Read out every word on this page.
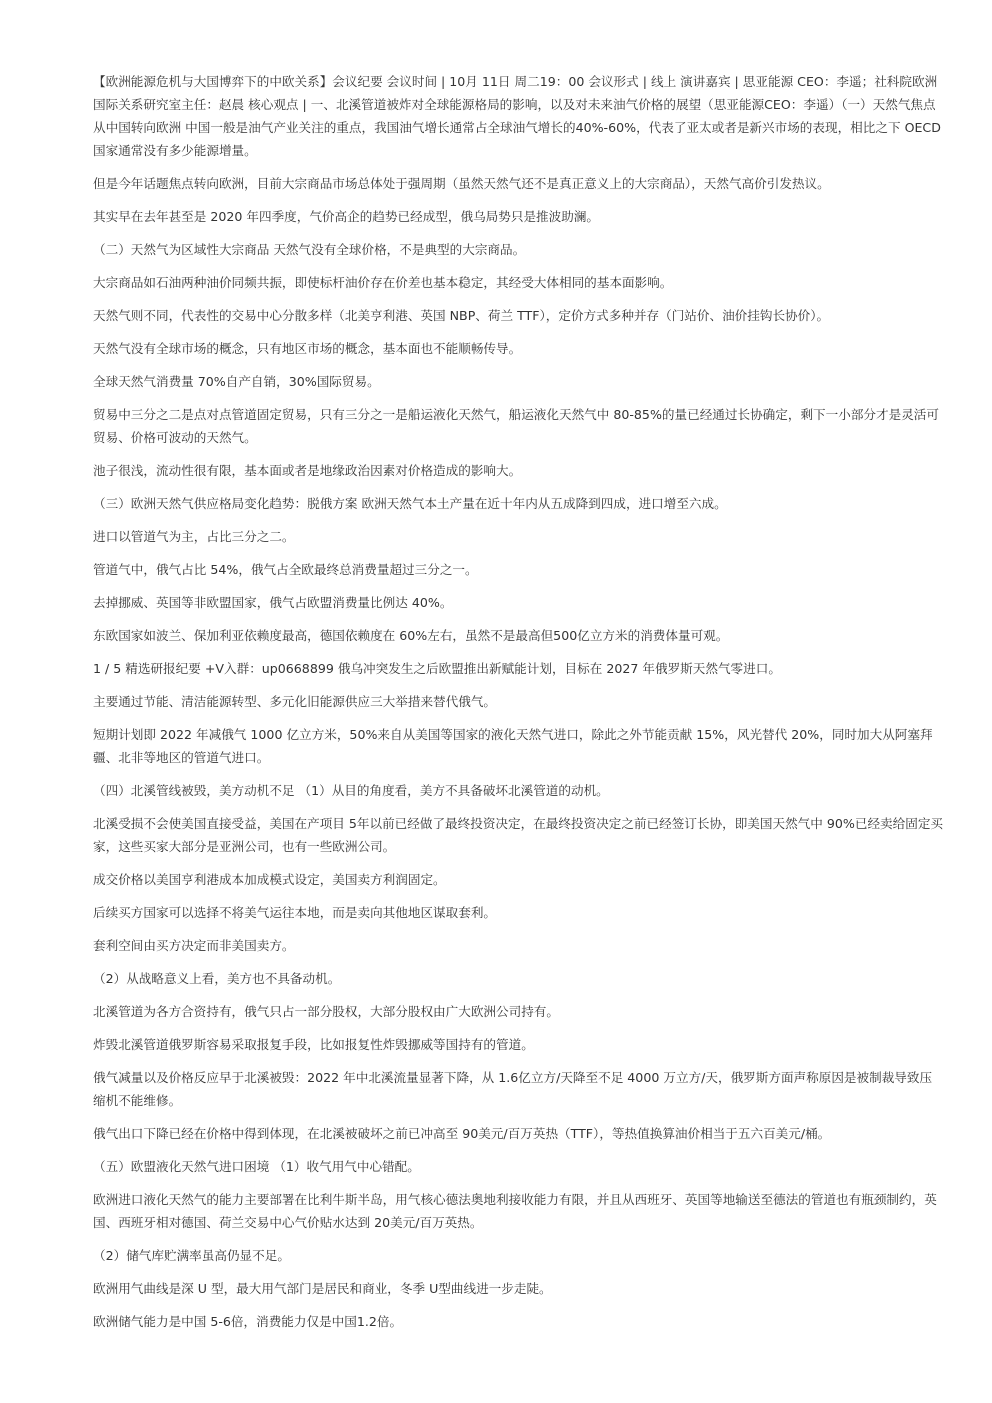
【欧洲能源危机与大国博弈下的中欧关系】会议纪要 会议时间 | 10月 11日 周二19：00 会议形式 | 线上 演讲嘉宾 | 思亚能源 CEO：李遥；社科院欧洲国际关系研究室主任：赵晨 核心观点 | 一、北溪管道被炸对全球能源格局的影响，以及对未来油气价格的展望（思亚能源CEO：李遥）（一）天然气焦点从中国转向欧洲 中国一般是油气产业关注的重点，我国油气增长通常占全球油气增长的40%-60%，代表了亚太或者是新兴市场的表现，相比之下 OECD国家通常没有多少能源增量。

但是今年话题焦点转向欧洲，目前大宗商品市场总体处于强周期（虽然天然气还不是真正意义上的大宗商品），天然气高价引发热议。

其实早在去年甚至是 2020 年四季度，气价高企的趋势已经成型，俄乌局势只是推波助澜。

（二）天然气为区域性大宗商品 天然气没有全球价格，不是典型的大宗商品。

大宗商品如石油两种油价同频共振，即使标杆油价存在价差也基本稳定，其经受大体相同的基本面影响。

天然气则不同，代表性的交易中心分散多样（北美亨利港、英国 NBP、荷兰 TTF），定价方式多种并存（门站价、油价挂钩长协价）。

天然气没有全球市场的概念，只有地区市场的概念，基本面也不能顺畅传导。

全球天然气消费量 70%自产自销，30%国际贸易。

贸易中三分之二是点对点管道固定贸易，只有三分之一是船运液化天然气，船运液化天然气中 80-85%的量已经通过长协确定，剩下一小部分才是灵活可贸易、价格可波动的天然气。

池子很浅，流动性很有限，基本面或者是地缘政治因素对价格造成的影响大。

（三）欧洲天然气供应格局变化趋势：脱俄方案 欧洲天然气本土产量在近十年内从五成降到四成，进口增至六成。

进口以管道气为主，占比三分之二。

管道气中，俄气占比 54%，俄气占全欧最终总消费量超过三分之一。

去掉挪威、英国等非欧盟国家，俄气占欧盟消费量比例达 40%。

东欧国家如波兰、保加利亚依赖度最高，德国依赖度在 60%左右，虽然不是最高但500亿立方米的消费体量可观。

1 / 5 精选研报纪要 +V入群：up0668899 俄乌冲突发生之后欧盟推出新赋能计划，目标在 2027 年俄罗斯天然气零进口。

主要通过节能、清洁能源转型、多元化旧能源供应三大举措来替代俄气。

短期计划即 2022 年减俄气 1000 亿立方米，50%来自从美国等国家的液化天然气进口，除此之外节能贡献 15%，风光替代 20%，同时加大从阿塞拜疆、北非等地区的管道气进口。

（四）北溪管线被毁，美方动机不足 （1）从目的角度看，美方不具备破坏北溪管道的动机。

北溪受损不会使美国直接受益，美国在产项目 5年以前已经做了最终投资决定，在最终投资决定之前已经签订长协，即美国天然气中 90%已经卖给固定买家，这些买家大部分是亚洲公司，也有一些欧洲公司。

成交价格以美国亨利港成本加成模式设定，美国卖方利润固定。

后续买方国家可以选择不将美气运往本地，而是卖向其他地区谋取套利。

套利空间由买方决定而非美国卖方。

（2）从战略意义上看，美方也不具备动机。

北溪管道为各方合资持有，俄气只占一部分股权，大部分股权由广大欧洲公司持有。

炸毁北溪管道俄罗斯容易采取报复手段，比如报复性炸毁挪威等国持有的管道。

俄气减量以及价格反应早于北溪被毁：2022 年中北溪流量显著下降，从 1.6亿立方/天降至不足 4000 万立方/天，俄罗斯方面声称原因是被制裁导致压缩机不能维修。

俄气出口下降已经在价格中得到体现，在北溪被破坏之前已冲高至 90美元/百万英热（TTF），等热值换算油价相当于五六百美元/桶。

（五）欧盟液化天然气进口困境 （1）收气用气中心错配。

欧洲进口液化天然气的能力主要部署在比利牛斯半岛，用气核心德法奥地利接收能力有限，并且从西班牙、英国等地输送至德法的管道也有瓶颈制约，英国、西班牙相对德国、荷兰交易中心气价贴水达到 20美元/百万英热。

（2）储气库贮满率虽高仍显不足。

欧洲用气曲线是深 U 型，最大用气部门是居民和商业，冬季 U型曲线进一步走陡。

欧洲储气能力是中国 5-6倍，消费能力仅是中国1.2倍。
